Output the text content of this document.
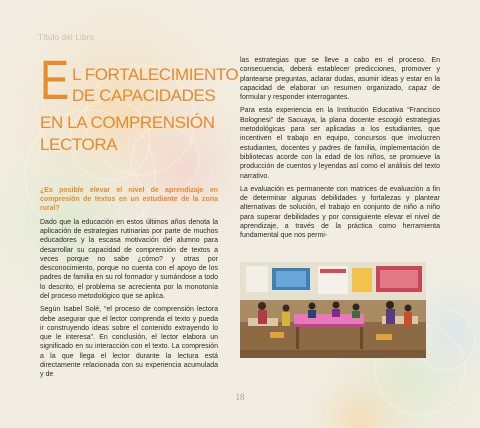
Título del Libro
E L FORTALECIMIENTO
DE CAPACIDADES
EN LA COMPRENSIÓN
LECTORA
¿Es posible elevar el nivel de aprendizaje en compresión de textos en un estudiante de la zona rural?

Dado que la educación en estos últimos años denota la aplicación de estrategias rutinarias por parte de muchos educadores y la escasa motivación del alumno para desarrollar su capacidad de comprensión de textos a veces porque no sabe ¿cómo? y otras por desconocimiento, porque no cuenta con el apoyo de los padres de familia en su rol formador y sumándose a todo lo descrito, el problema se acrecienta por la monotonía del proceso metodológico que se aplica.

Según Isabel Solé, “el proceso de comprensión lectora debe asegurar que el lector comprenda el texto y pueda ir construyendo ideas sobre el contenido extrayendo lo que le interesa”. En conclusión, el lector elabora un significado en su interacción con el texto. La compresión a la que llega el lector durante la lectura está directamente relacionada con su experiencia acumulada y de

las estrategias que se lleve a cabo en el proceso. En consecuencia, deberá establecer predicciones, promover y plantearse preguntas, aclarar dudas, asumir ideas y estar en la capacidad de elaborar un resumen organizado, capaz de formular y responder interrogantes.

Para esta experiencia en la Institución Educativa “Francisco Bolognesi” de Sacuaya, la plana docente escogió estrategias metodológicas para ser aplicadas a los estudiantes, que incentiven el trabajo en equipo, concursos que involucren estudiantes, docentes y padres de familia, implementación de bibliotecas acorde con la edad de los niños, se promueve la producción de cuentos y leyendas así como el análisis del texto narrativo.

La evaluación es permanente con matrices de evaluación a fin de determinar algunas debilidades y fortalezas y plantear alternativas de solución, el trabajo en conjunto de niño a niño para superar debilidades y por consiguiente elevar el nivel de aprendizaje, a través de la práctica como herramienta fundamental que nos permi-

18
